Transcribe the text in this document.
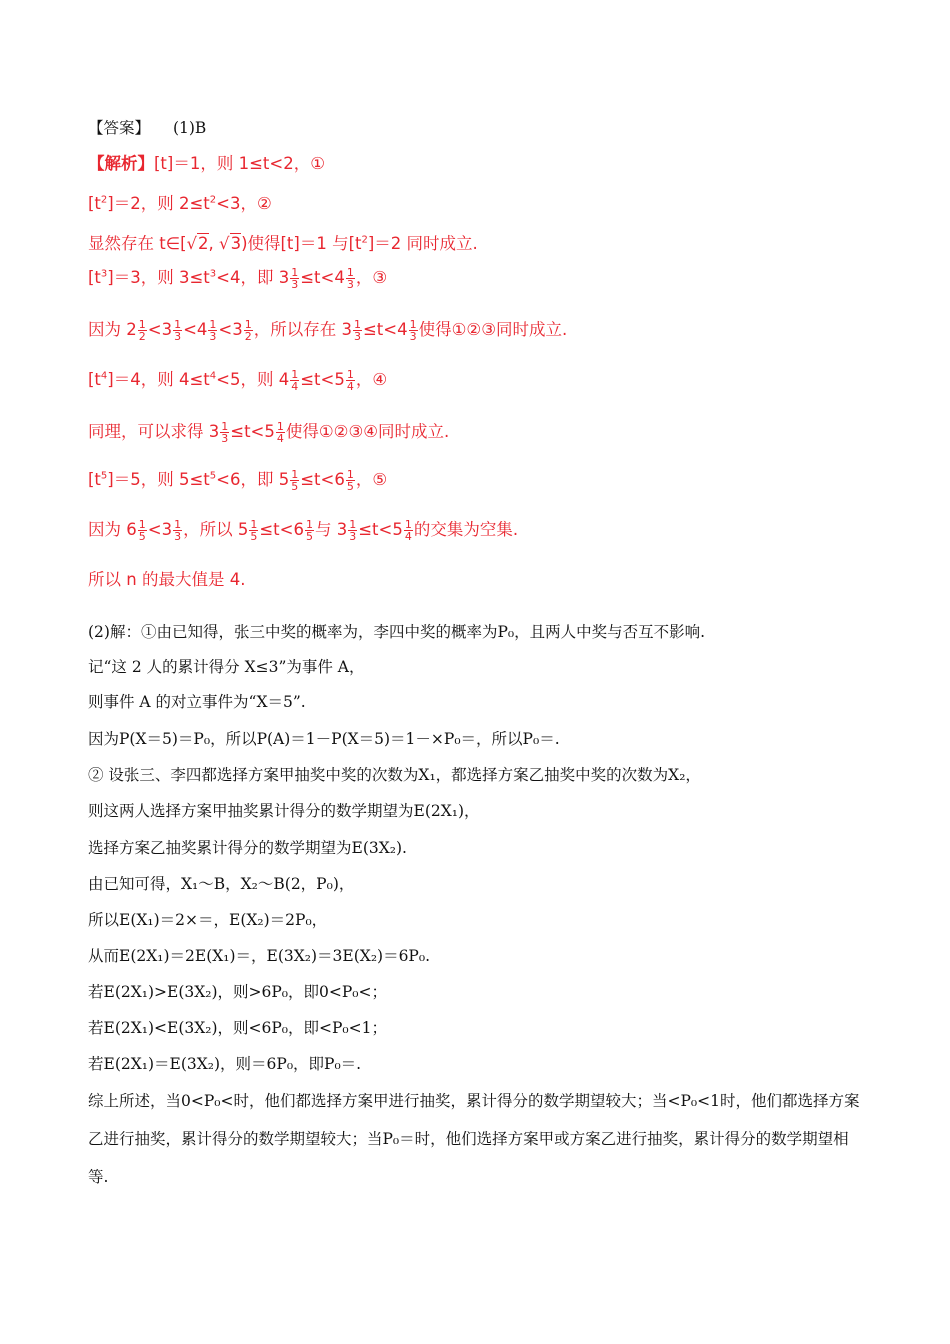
【答案】 (1)B
【解析】[t]＝1，则 1≤t<2，①
$[t^2]=2$，则 $2\le t^2<3$，②
显然存在 t∈[√2, √3)使得[t]＝1 与$[t^2]=2$ 同时成立.
$[t^3]=3$，则 $3\le t^3<4$，即 $3 \frac{1}{3} \le t<4 \frac{1}{3}$ ，③
因为 $2 \frac{1}{2} <3 \frac{1}{3} <4 \frac{1}{3} <3 \frac{1}{2}$ ，所以存在 $3 \frac{1}{3} \le t<4 \frac{1}{3}$ 使得①②③同时成立.
$[t^4]=4$，则 $4\le t^4<5$，则 $4 \frac{1}{4} \le t<5 \frac{1}{4}$ ，④
同理，可以求得 $3 \frac{1}{3} \le t<5 \frac{1}{4}$ 使得①②③④同时成立.
$[t^5]=5$，则 $5\le t^5<6$，即 $5 \frac{1}{5} \le t<6 \frac{1}{5}$ ，⑤
因为 $6 \frac{1}{5} <3 \frac{1}{3}$ ，所以 $5 \frac{1}{5} \le t<6 \frac{1}{5}$ 与 $3 \frac{1}{3} \le t<5 \frac{1}{4}$ 的交集为空集.
所以 n 的最大值是 4.
(2)解：①由已知得，张三中奖的概率为，李四中奖的概率为P₀，且两人中奖与否互不影响.
记“这 2 人的累计得分 X≤3”为事件 A，
则事件 A 的对立事件为“X＝5”.
因为P(X＝5)＝P₀，所以P(A)＝1－P(X＝5)＝1－×P₀＝，所以P₀＝.
② 设张三、李四都选择方案甲抽奖中奖的次数为X₁，都选择方案乙抽奖中奖的次数为X₂，
则这两人选择方案甲抽奖累计得分的数学期望为E(2X₁)，
选择方案乙抽奖累计得分的数学期望为E(3X₂).
由已知可得，X₁～B，X₂～B(2，P₀)，
所以E(X₁)＝2×＝，E(X₂)＝2P₀，
从而E(2X₁)＝2E(X₁)＝，E(3X₂)＝3E(X₂)＝6P₀.
若E(2X₁)>E(3X₂)，则>6P₀，即0<P₀<；
若E(2X₁)<E(3X₂)，则<6P₀，即<P₀<1；
若E(2X₁)＝E(3X₂)，则＝6P₀，即P₀＝.
综上所述，当0<P₀<时，他们都选择方案甲进行抽奖，累计得分的数学期望较大；当<P₀<1时，他们都选择方案乙进行抽奖，累计得分的数学期望较大；当P₀＝时，他们选择方案甲或方案乙进行抽奖，累计得分的数学期望相等.
